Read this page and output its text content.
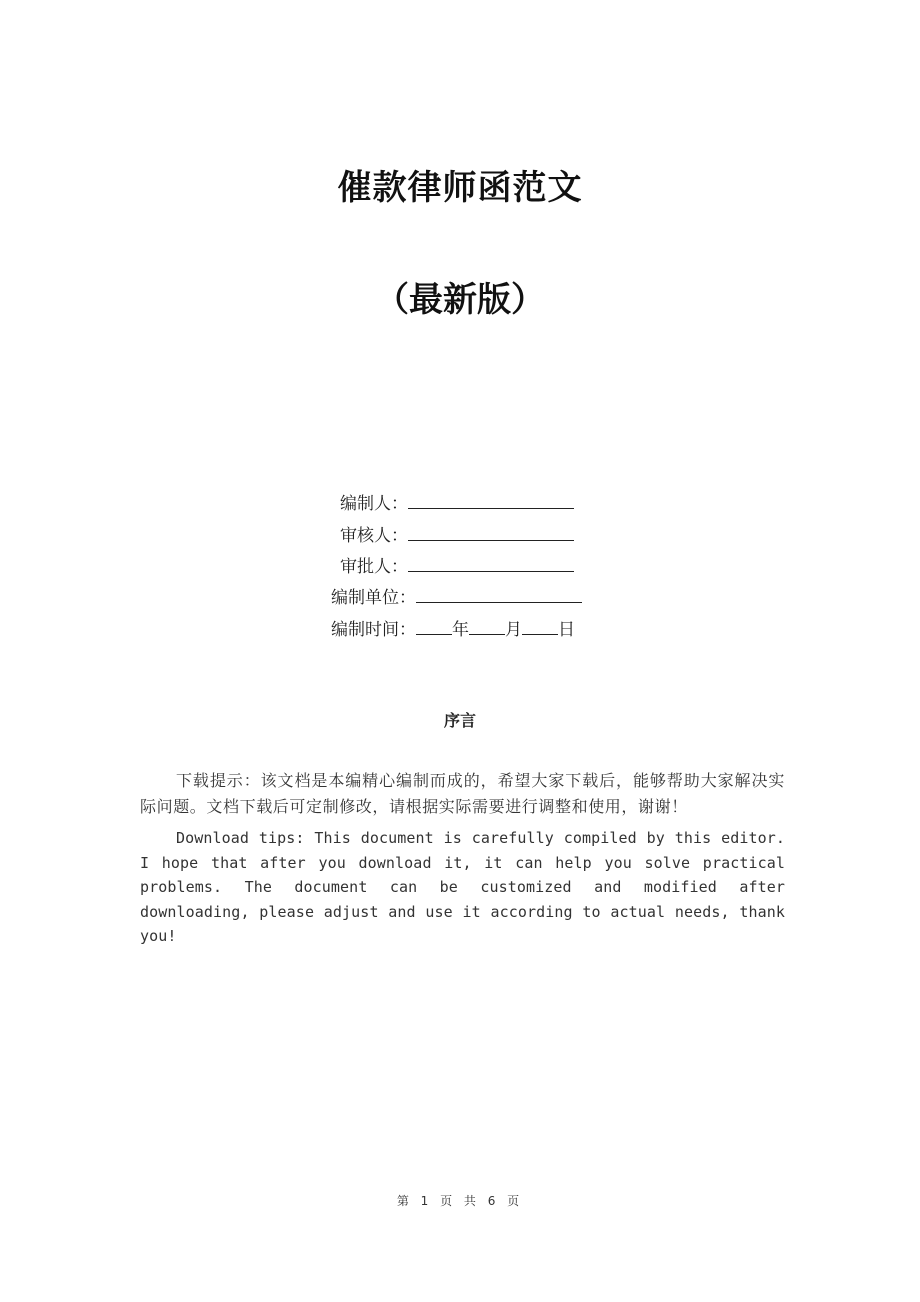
催款律师函范文
（最新版）
编制人：
审核人：
审批人：
编制单位：
编制时间： 年 月 日
序言
下载提示：该文档是本编精心编制而成的，希望大家下载后，能够帮助大家解决实际问题。文档下载后可定制修改，请根据实际需要进行调整和使用，谢谢！
Download tips: This document is carefully compiled by this editor. I hope that after you download it, it can help you solve practical problems. The document can be customized and modified after downloading, please adjust and use it according to actual needs, thank you!
第 1 页 共 6 页
